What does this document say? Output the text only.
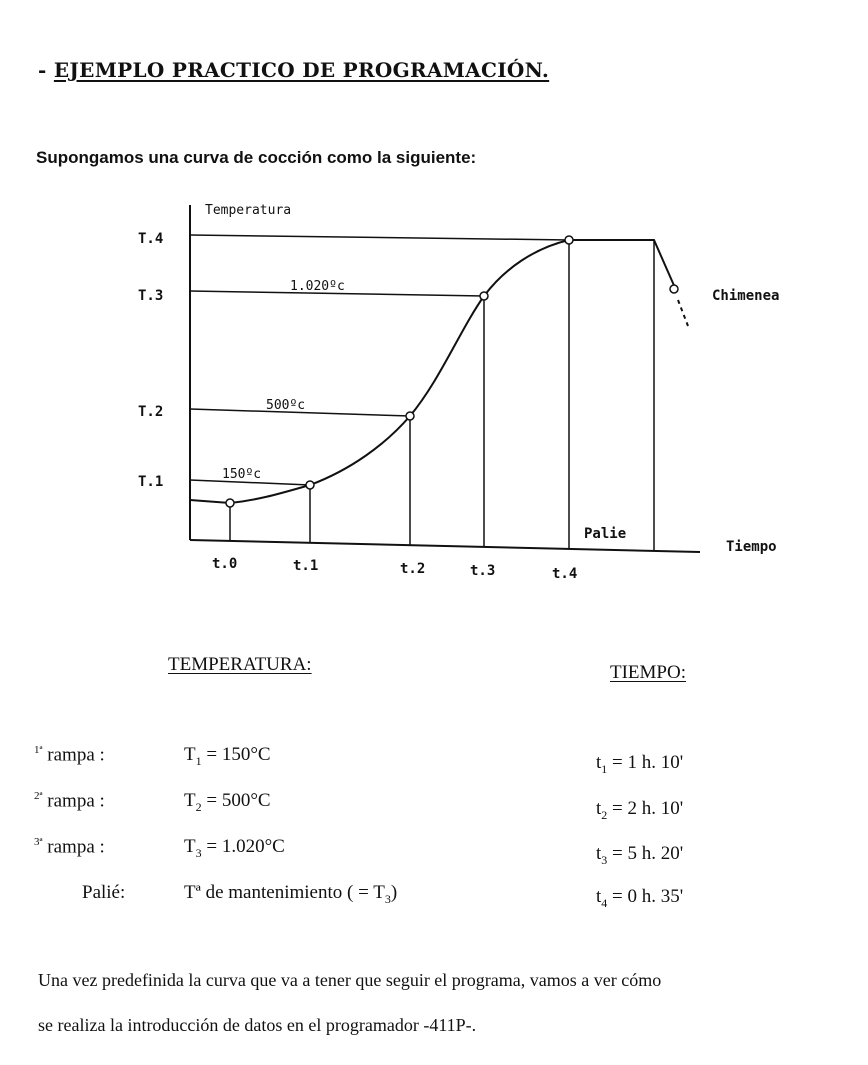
- EJEMPLO PRACTICO DE PROGRAMACIÓN.
Supongamos una curva de cocción como la siguiente:
Temperatura
Tiempo
T.4
T.3
T.2
T.1	150ºc
500ºc
1.020ºc
Chimenea
Palie
t.0	t.1	t.2	t.3	t.4
TEMPERATURA:	TIEMPO:
$^{1ª}$ rampa :	$T_1 = 150^\circ C$	$t_1 = 1$ h. 10'
$^{2ª}$ rampa :	$T_2 = 500^\circ C$	$t_2 = 2$ h. 10'
$^{3ª}$ rampa :	$T_3 = 1.020^\circ C$	$t_3 = 5$ h. 20'
Palié:	Tª de mantenimiento ( = $T_3$)	$t_4 = 0$ h. 35'
Una vez predefinida la curva que va a tener que seguir el programa, vamos a ver cómo
se realiza la introducción de datos en el programador -411P-.
